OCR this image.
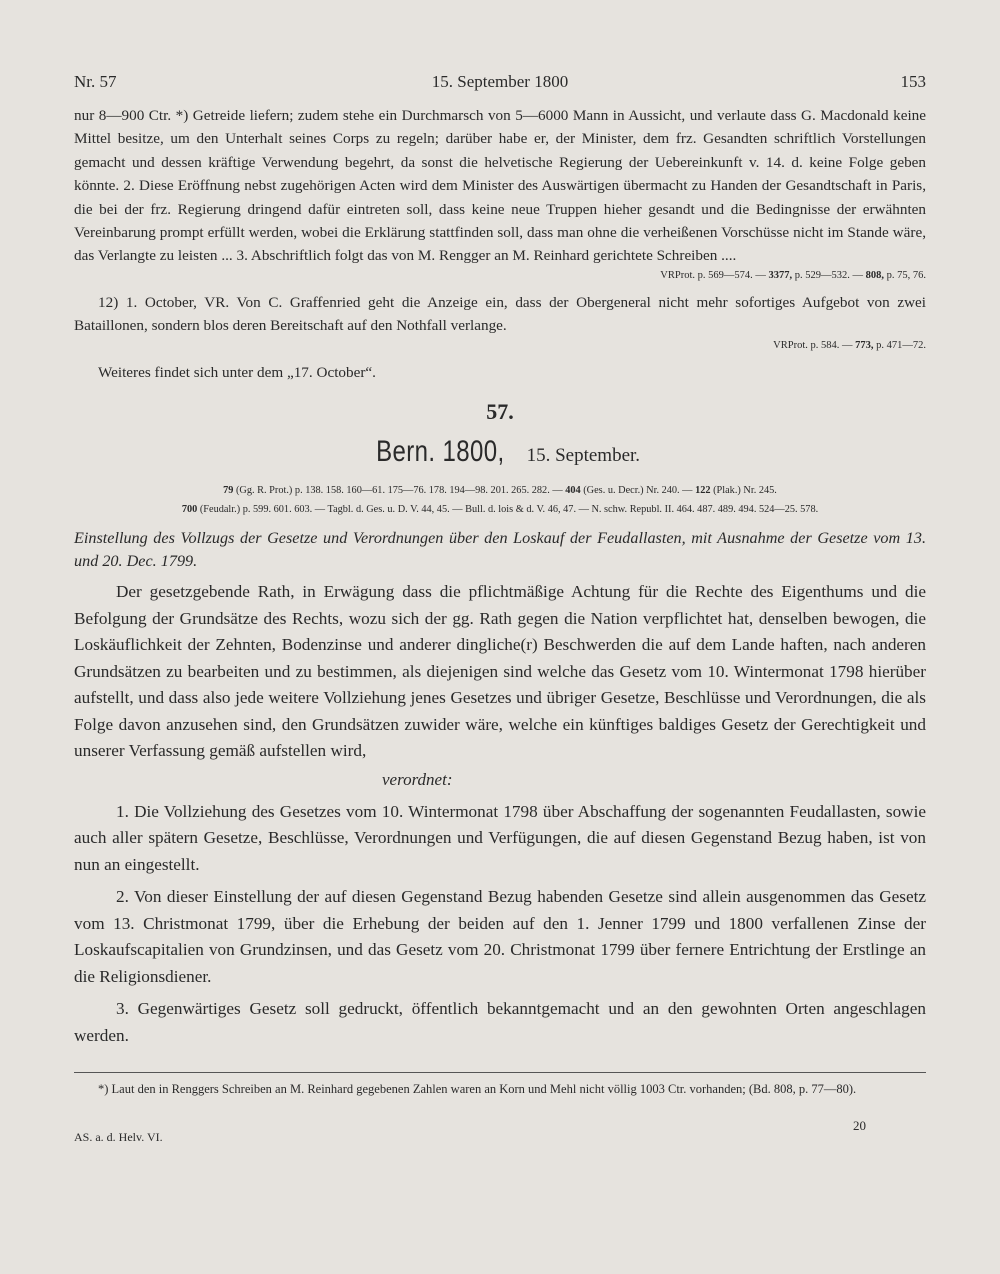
Nr. 57	15. September 1800	153

nur 8—900 Ctr. *) Getreide liefern; zudem stehe ein Durchmarsch von 5—6000 Mann in Aussicht, und verlaute dass G. Macdonald keine Mittel besitze, um den Unterhalt seines Corps zu regeln; darüber habe er, der Minister, dem frz. Gesandten schriftlich Vorstellungen gemacht und dessen kräftige Verwendung begehrt, da sonst die helvetische Regierung der Uebereinkunft v. 14. d. keine Folge geben könnte. 2. Diese Eröffnung nebst zugehörigen Acten wird dem Minister des Auswärtigen übermacht zu Handen der Gesandtschaft in Paris, die bei der frz. Regierung dringend dafür eintreten soll, dass keine neue Truppen hieher gesandt und die Bedingnisse der erwähnten Vereinbarung prompt erfüllt werden, wobei die Erklärung stattfinden soll, dass man ohne die verheißenen Vorschüsse nicht im Stande wäre, das Verlangte zu leisten ... 3. Abschriftlich folgt das von M. Rengger an M. Reinhard gerichtete Schreiben ....

VRProt. p. 569—574. — 3377, p. 529—532. — 808, p. 75, 76.

12) 1. October, VR. Von C. Graffenried geht die Anzeige ein, dass der Obergeneral nicht mehr sofortiges Aufgebot von zwei Bataillonen, sondern blos deren Bereitschaft auf den Nothfall verlange.

VRProt. p. 584. — 773, p. 471—72.

Weiteres findet sich unter dem „17. October“.

57.
Bern. 1800, 15. September.

79 (Gg. R. Prot.) p. 138. 158. 160—61. 175—76. 178. 194—98. 201. 265. 282. — 404 (Ges. u. Decr.) Nr. 240. — 122 (Plak.) Nr. 245.

700 (Feudalr.) p. 599. 601. 603. — Tagbl. d. Ges. u. D. V. 44, 45. — Bull. d. lois & d. V. 46, 47. — N. schw. Republ. II. 464. 487. 489. 494. 524—25. 578.

Einstellung des Vollzugs der Gesetze und Verordnungen über den Loskauf der Feudallasten, mit Ausnahme der Gesetze vom 13. und 20. Dec. 1799.

Der gesetzgebende Rath, in Erwägung dass die pflichtmäßige Achtung für die Rechte des Eigenthums und die Befolgung der Grundsätze des Rechts, wozu sich der gg. Rath gegen die Nation verpflichtet hat, denselben bewogen, die Loskäuflichkeit der Zehnten, Bodenzinse und anderer dingliche(r) Beschwerden die auf dem Lande haften, nach anderen Grundsätzen zu bearbeiten und zu bestimmen, als diejenigen sind welche das Gesetz vom 10. Wintermonat 1798 hierüber aufstellt, und dass also jede weitere Vollziehung jenes Gesetzes und übriger Gesetze, Beschlüsse und Verordnungen, die als Folge davon anzusehen sind, den Grundsätzen zuwider wäre, welche ein künftiges baldiges Gesetz der Gerechtigkeit und unserer Verfassung gemäß aufstellen wird,

verordnet:

1. Die Vollziehung des Gesetzes vom 10. Wintermonat 1798 über Abschaffung der sogenannten Feudallasten, sowie auch aller spätern Gesetze, Beschlüsse, Verordnungen und Verfügungen, die auf diesen Gegenstand Bezug haben, ist von nun an eingestellt.

2. Von dieser Einstellung der auf diesen Gegenstand Bezug habenden Gesetze sind allein ausgenommen das Gesetz vom 13. Christmonat 1799, über die Erhebung der beiden auf den 1. Jenner 1799 und 1800 verfallenen Zinse der Loskaufscapitalien von Grundzinsen, und das Gesetz vom 20. Christmonat 1799 über fernere Entrichtung der Erstlinge an die Religionsdiener.

3. Gegenwärtiges Gesetz soll gedruckt, öffentlich bekanntgemacht und an den gewohnten Orten angeschlagen werden.

*) Laut den in Renggers Schreiben an M. Reinhard gegebenen Zahlen waren an Korn und Mehl nicht völlig 1003 Ctr. vorhanden; (Bd. 808, p. 77—80).

AS. a. d. Helv. VI.
20
